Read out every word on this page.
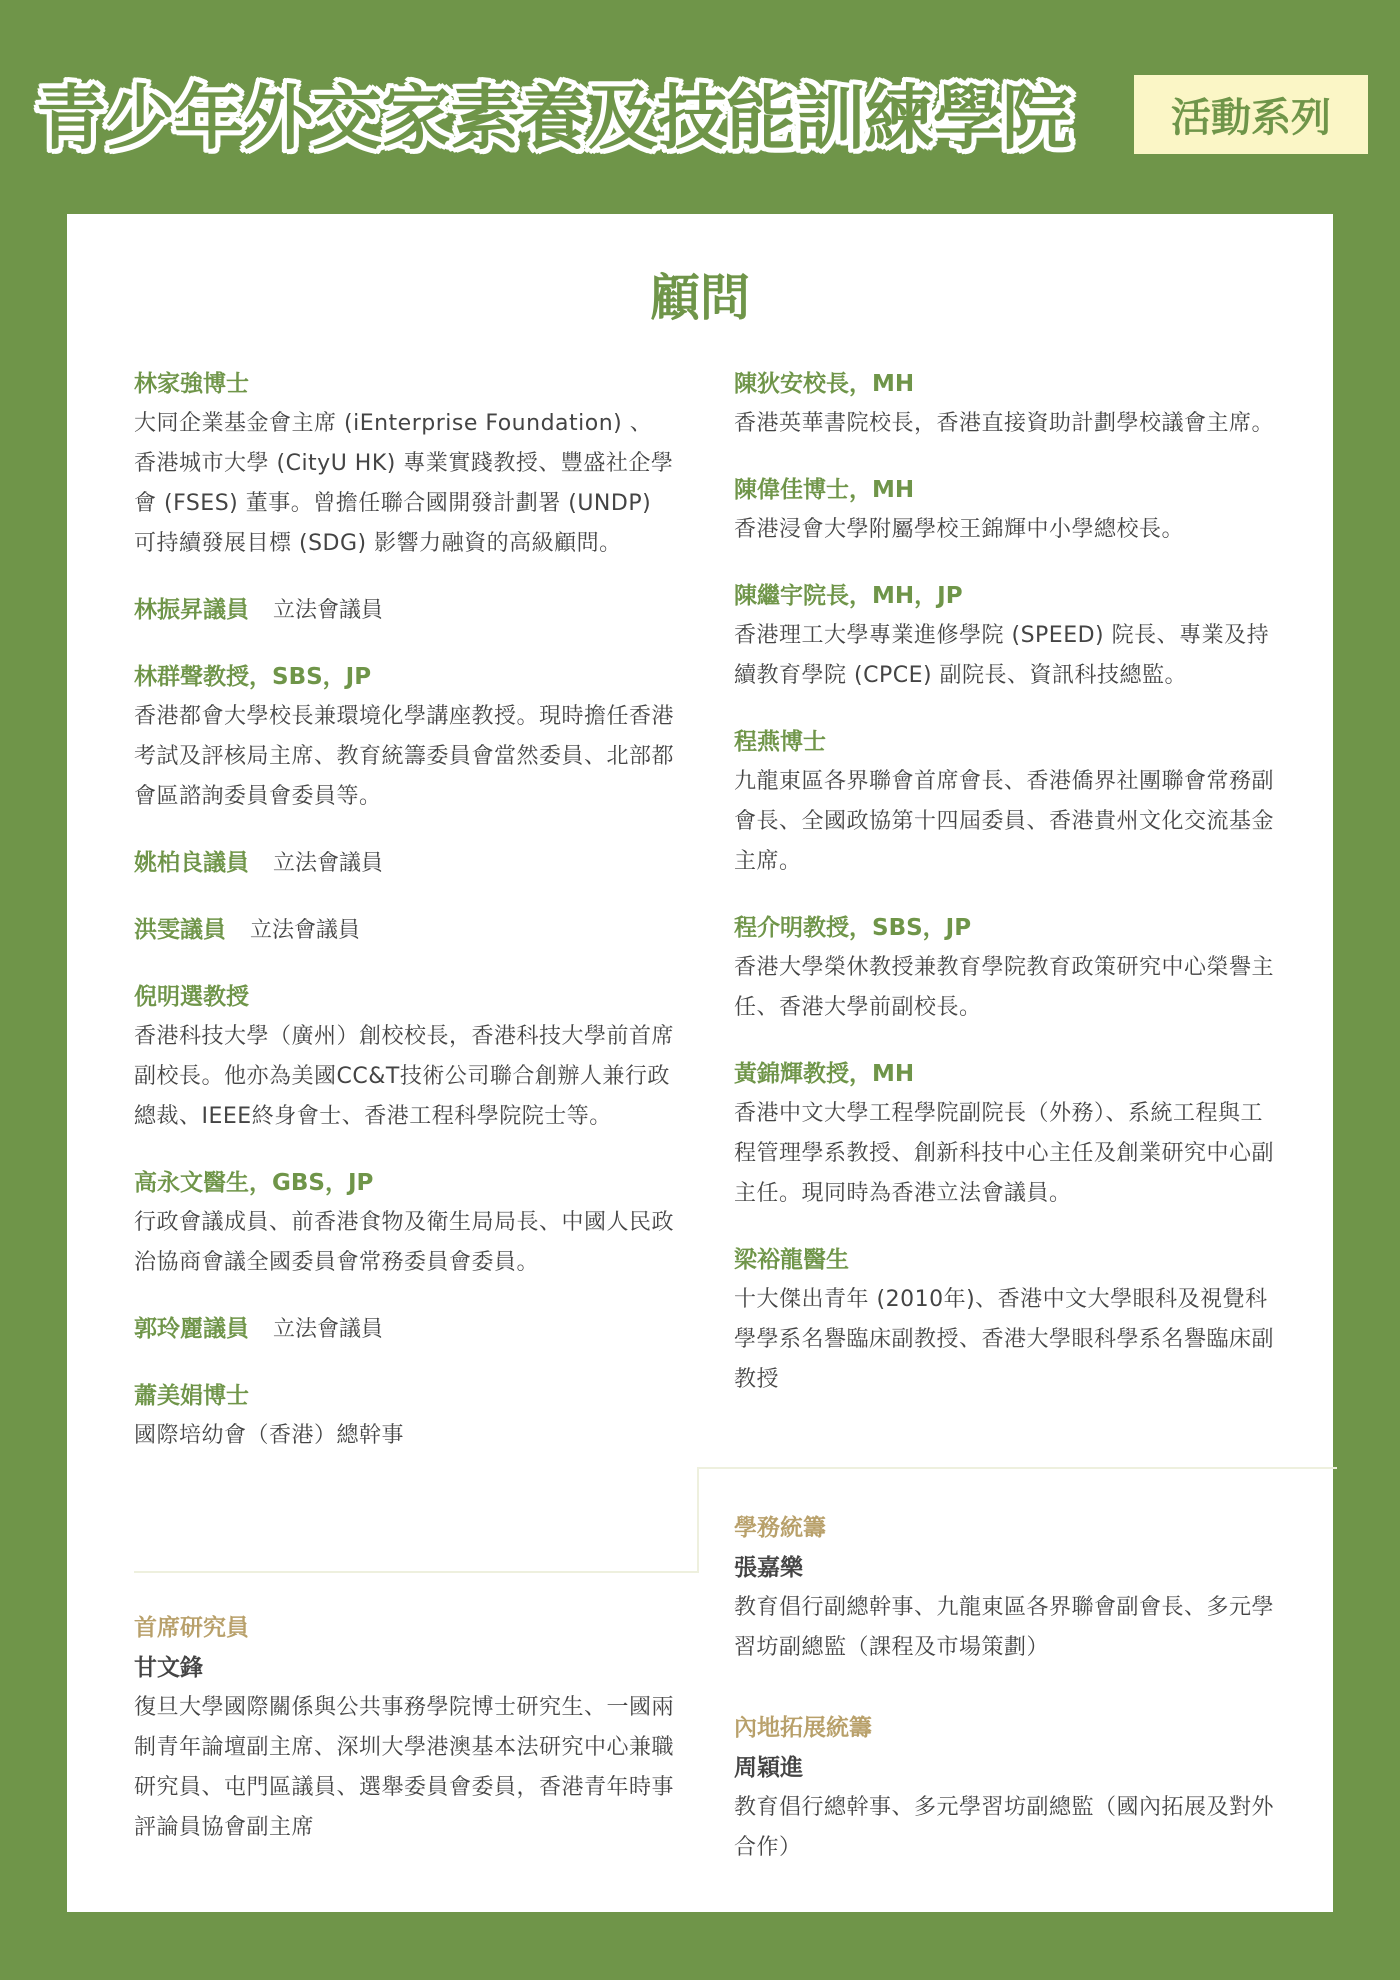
青少年外交家素養及技能訓練學院	活動系列
顧問
林家強博士

大同企業基金會主席 (iEnterprise Foundation) 、香港城市大學 (CityU HK) 專業實踐教授、豐盛社企學會 (FSES) 董事。曾擔任聯合國開發計劃署 (UNDP) 可持續發展目標 (SDG) 影響力融資的高級顧問。

林振昇議員 立法會議員
林群聲教授，SBS，JP

香港都會大學校長兼環境化學講座教授。現時擔任香港考試及評核局主席、教育統籌委員會當然委員、北部都會區諮詢委員會委員等。

姚柏良議員 立法會議員
洪雯議員 立法會議員
倪明選教授

香港科技大學（廣州）創校校長，香港科技大學前首席副校長。他亦為美國CC&T技術公司聯合創辦人兼行政總裁、IEEE終身會士、香港工程科學院院士等。

高永文醫生，GBS，JP

行政會議成員、前香港食物及衛生局局長、中國人民政治協商會議全國委員會常務委員會委員。

郭玲麗議員 立法會議員
蕭美娟博士

國際培幼會（香港）總幹事

陳狄安校長，MH

香港英華書院校長，香港直接資助計劃學校議會主席。

陳偉佳博士，MH

香港浸會大學附屬學校王錦輝中小學總校長。

陳繼宇院長，MH，JP

香港理工大學專業進修學院 (SPEED) 院長、專業及持續教育學院 (CPCE) 副院長、資訊科技總監。

程燕博士

九龍東區各界聯會首席會長、香港僑界社團聯會常務副會長、全國政協第十四屆委員、香港貴州文化交流基金主席。

程介明教授，SBS，JP

香港大學榮休教授兼教育學院教育政策研究中心榮譽主任、香港大學前副校長。

黃錦輝教授，MH

香港中文大學工程學院副院長（外務）、系統工程與工程管理學系教授、創新科技中心主任及創業研究中心副主任。現同時為香港立法會議員。

梁裕龍醫生

十大傑出青年 (2010年)、香港中文大學眼科及視覺科學學系名譽臨床副教授、香港大學眼科學系名譽臨床副教授

首席研究員
甘文鋒

復旦大學國際關係與公共事務學院博士研究生、一國兩制青年論壇副主席、深圳大學港澳基本法研究中心兼職研究員、屯門區議員、選舉委員會委員，香港青年時事評論員協會副主席

學務統籌
張嘉樂

教育倡行副總幹事、九龍東區各界聯會副會長、多元學習坊副總監（課程及市場策劃）

內地拓展統籌
周穎進

教育倡行總幹事、多元學習坊副總監（國內拓展及對外合作）
